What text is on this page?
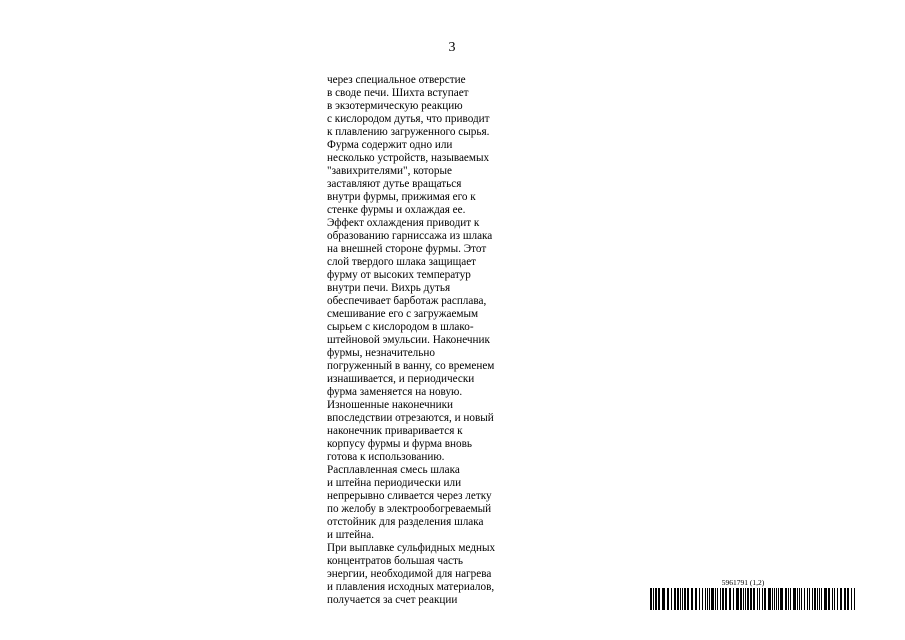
3
через специальное отверстие
в своде печи. Шихта вступает
в экзотермическую реакцию
с кислородом дутья, что приводит
к плавлению загруженного сырья.
Фурма содержит одно или
несколько устройств, называемых
"завихрителями", которые
заставляют дутье вращаться
внутри фурмы, прижимая его к
стенке фурмы и охлаждая ее.
Эффект охлаждения приводит к
образованию гарниссажа из шлака
на внешней стороне фурмы. Этот
слой твердого шлака защищает
фурму от высоких температур
внутри печи. Вихрь дутья
обеспечивает барботаж расплава,
смешивание его с загружаемым
сырьем с кислородом в шлако-
штейновой эмульсии. Наконечник
фурмы, незначительно
погруженный в ванну, со временем
изнашивается, и периодически
фурма заменяется на новую.
Изношенные наконечники
впоследствии отрезаются, и новый
наконечник приваривается к
корпусу фурмы и фурма вновь
готова к использованию.
Расплавленная смесь шлака
и штейна периодически или
непрерывно сливается через летку
по желобу в электрообогреваемый
отстойник для разделения шлака
и штейна.
При выплавке сульфидных медных
концентратов большая часть
энергии, необходимой для нагрева
и плавления исходных материалов,
получается за счет реакции
5961791 (1,2)
